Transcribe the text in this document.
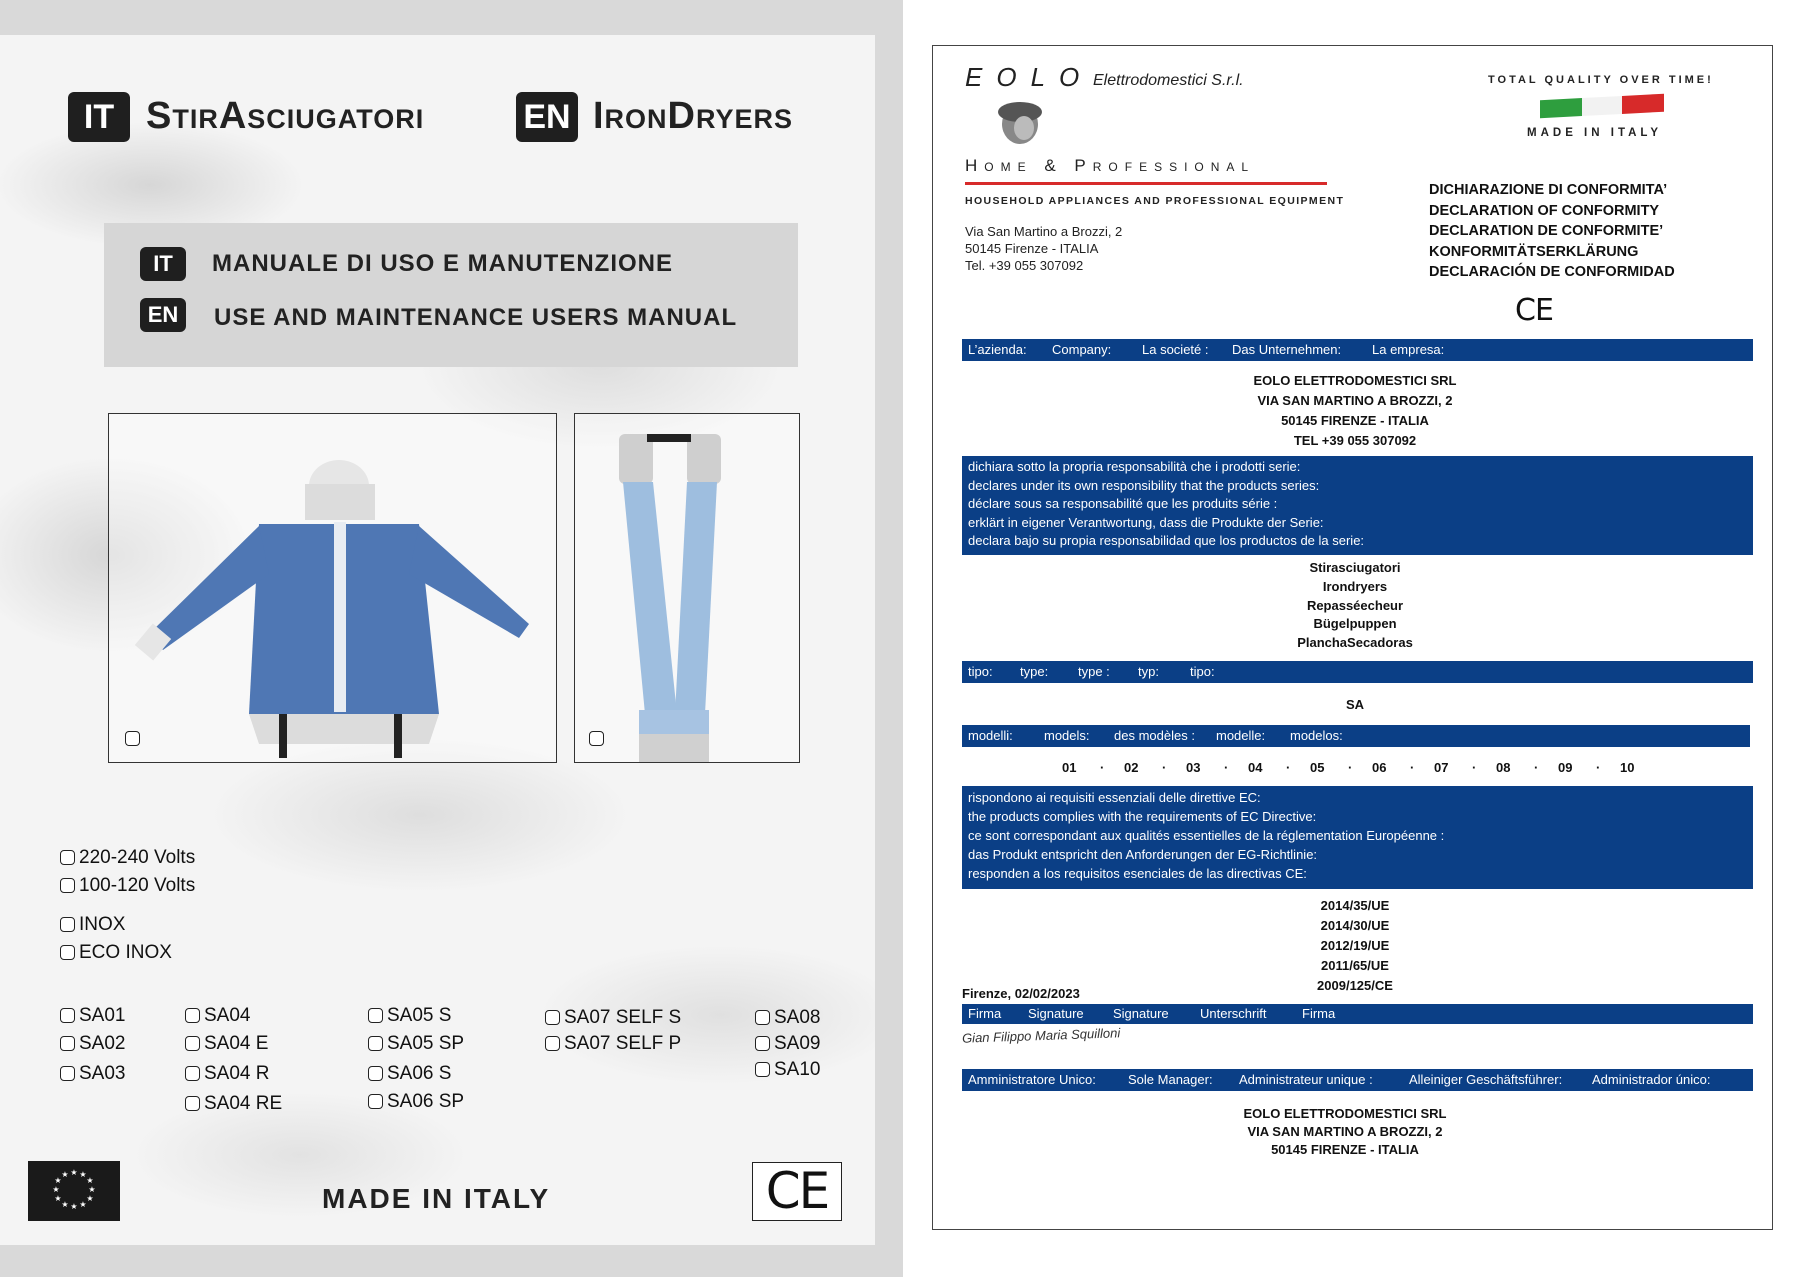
IT StirAsciugatori	EN IronDryers
IT	MANUALE DI USO E MANUTENZIONE
EN	USE AND MAINTENANCE USERS MANUAL
220-240 Volts
100-120 Volts
INOX
ECO INOX
SA01
SA02
SA03
SA04
SA04 E
SA04 R
SA04 RE
SA05 S
SA05 SP
SA06 S
SA06 SP
SA07 SELF S
SA07 SELF P
SA08
SA09
SA10
★ ★
★
★
★
★
★
★
★
★
★
★
MADE IN ITALY	CE
EOLO Elettrodomestici S.r.l.
Home & Professional
HOUSEHOLD APPLIANCES AND PROFESSIONAL EQUIPMENT
Via San Martino a Brozzi, 2
50145 Firenze - ITALIA
Tel. +39 055 307092
TOTAL QUALITY OVER TIME!
MADE IN ITALY
DICHIARAZIONE DI CONFORMITA’
DECLARATION OF CONFORMITY
DECLARATION DE CONFORMITE’
KONFORMITÄTSERKLÄRUNG
DECLARACIÓN DE CONFORMIDAD
CE
L’azienda: Company: La societé : Das Unternehmen: La empresa:
EOLO ELETTRODOMESTICI SRL
VIA SAN MARTINO A BROZZI, 2
50145 FIRENZE - ITALIA
TEL +39 055 307092
dichiara sotto la propria responsabilità che i prodotti serie:
declares under its own responsibility that the products series:
déclare sous sa responsabilité que les produits série :
erklärt in eigener Verantwortung, dass die Produkte der Serie:
declara bajo su propia responsabilidad que los productos de la serie:
Stirasciugatori
Irondryers
Repasséecheur
Bügelpuppen
PlanchaSecadoras
tipo: type: type : typ: tipo:
SA
modelli: models: des modèles : modelle: modelos:
01 · 02 · 03 · 04 · 05 · 06 · 07 · 08 · 09 · 10
rispondono ai requisiti essenziali delle direttive EC:
the products complies with the requirements of EC Directive:
ce sont correspondant aux qualités essentielles de la réglementation Européenne :
das Produkt entspricht den Anforderungen der EG-Richtlinie:
responden a los requisitos esenciales de las directivas CE:
2014/35/UE
2014/30/UE
2012/19/UE
2011/65/UE
2009/125/CE
Firenze, 02/02/2023
Firma Signature Signature Unterschrift	Firma
Gian Filippo Maria Squilloni
Amministratore Unico: Sole Manager: Administrateur unique :	Alleiniger Geschäftsführer: Administrador único:
EOLO ELETTRODOMESTICI SRL
VIA SAN MARTINO A BROZZI, 2
50145 FIRENZE - ITALIA
